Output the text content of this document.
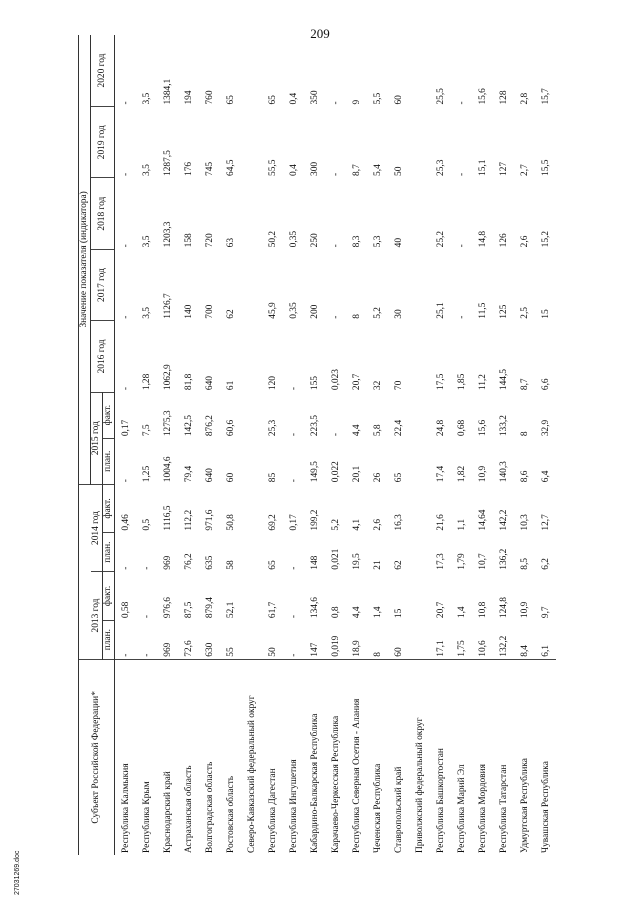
209
27031269.doc
Субъект Российской Федерации*					Значение показателя (индикатора)						
	2013 год		2014 год		2015 год		2016 год	2017 год	2018 год	2019 год	2020 год
	план.	факт.	план.	факт.	план.	факт.					
Республика Калмыкия	-	0,58	-	0,46	-	0,17	-	-	-	-	-
Республика Крым	-	-	-	0,5	1,25	7,5	1,28	3,5	3,5	3,5	3,5
Краснодарский край	969	976,6	969	1116,5	1004,6	1275,3	1062,9	1126,7	1203,3	1287,5	1384,1
Астраханская область	72,6	87,5	76,2	112,2	79,4	142,5	81,8	140	158	176	194
Волгоградская область	630	879,4	635	971,6	640	876,2	640	700	720	745	760
Ростовская область	55	52,1	58	50,8	60	60,6	61	62	63	64,5	65
Северо-Кавказский федеральный округ											
Республика Дагестан	50	61,7	65	69,2	85	25,3	120	45,9	50,2	55,5	65
Республика Ингушетия	-	-	-	0,17	-	-	-	0,35	0,35	0,4	0,4
Кабардино-Балкарская Республика	147	134,6	148	199,2	149,5	223,5	155	200	250	300	350
Карачаево-Черкесская Республика	0,019	0,8	0,021	5,2	0,022	-	0,023	-	-	-	-
Республика Северная Осетия - Алания	18,9	4,4	19,5	4,1	20,1	4,4	20,7	8	8,3	8,7	9
Чеченская Республика	8	1,4	21	2,6	26	5,8	32	5,2	5,3	5,4	5,5
Ставропольский край	60	15	62	16,3	65	22,4	70	30	40	50	60
Приволжский федеральный округ											
Республика Башкортостан	17,1	20,7	17,3	21,6	17,4	24,8	17,5	25,1	25,2	25,3	25,5
Республика Марий Эл	1,75	1,4	1,79	1,1	1,82	0,68	1,85	-	-	-	-
Республика Мордовия	10,6	10,8	10,7	14,64	10,9	15,6	11,2	11,5	14,8	15,1	15,6
Республика Татарстан	132,2	124,8	136,2	142,2	140,3	133,2	144,5	125	126	127	128
Удмуртская Республика	8,4	10,9	8,5	10,3	8,6	8	8,7	2,5	2,6	2,7	2,8
Чувашская Республика	6,1	9,7	6,2	12,7	6,4	32,9	6,6	15	15,2	15,5	15,7
